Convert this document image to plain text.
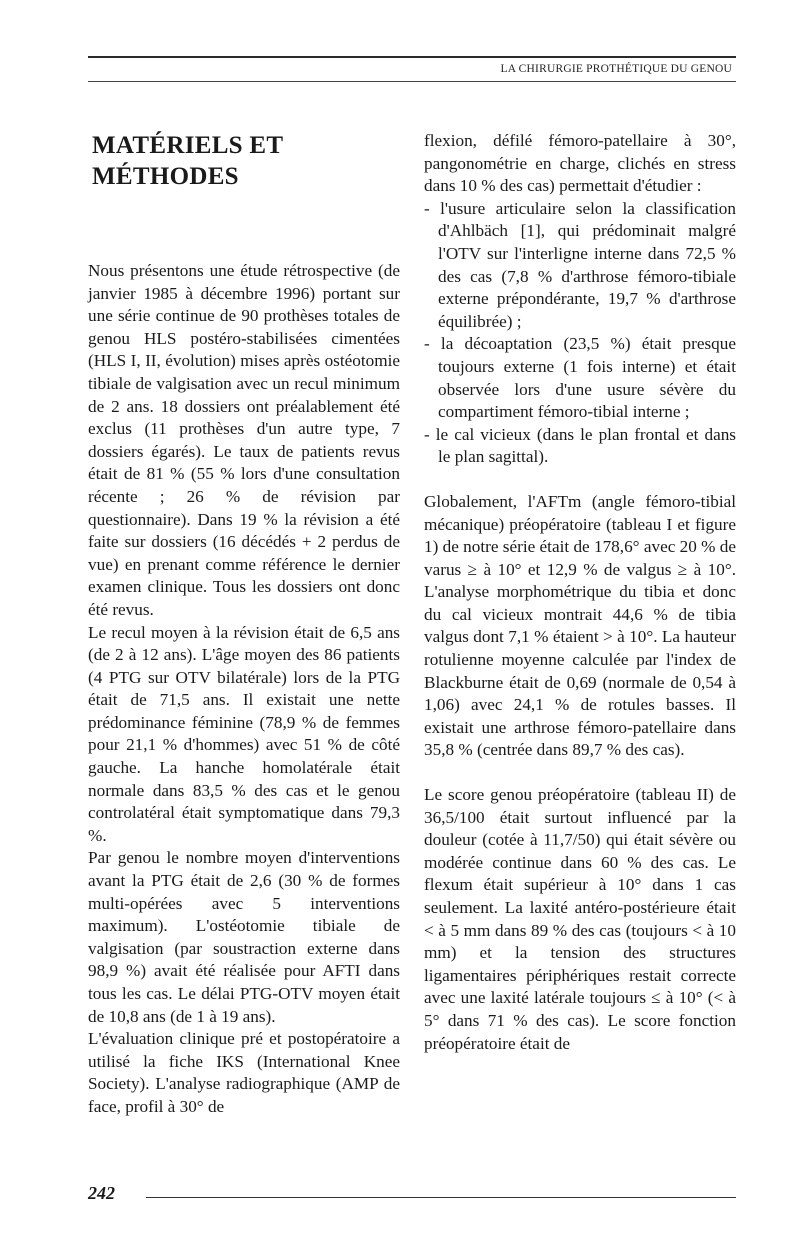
LA CHIRURGIE PROTHÉTIQUE DU GENOU
MATÉRIELS ET MÉTHODES

Nous présentons une étude rétrospective (de janvier 1985 à décembre 1996) portant sur une série continue de 90 prothèses totales de genou HLS postéro-stabilisées cimentées (HLS I, II, évolution) mises après ostéotomie tibiale de valgisation avec un recul minimum de 2 ans. 18 dossiers ont préalablement été exclus (11 prothèses d'un autre type, 7 dossiers égarés). Le taux de patients revus était de 81 % (55 % lors d'une consultation récente ; 26 % de révision par questionnaire). Dans 19 % la révision a été faite sur dossiers (16 décédés + 2 perdus de vue) en prenant comme référence le dernier examen clinique. Tous les dossiers ont donc été revus.

Le recul moyen à la révision était de 6,5 ans (de 2 à 12 ans). L'âge moyen des 86 patients (4 PTG sur OTV bilatérale) lors de la PTG était de 71,5 ans. Il existait une nette prédominance féminine (78,9 % de femmes pour 21,1 % d'hommes) avec 51 % de côté gauche. La hanche homolatérale était normale dans 83,5 % des cas et le genou controlatéral était symptomatique dans 79,3 %.

Par genou le nombre moyen d'interventions avant la PTG était de 2,6 (30 % de formes multi-opérées avec 5 interventions maximum). L'ostéotomie tibiale de valgisation (par soustraction externe dans 98,9 %) avait été réalisée pour AFTI dans tous les cas. Le délai PTG-OTV moyen était de 10,8 ans (de 1 à 19 ans).

L'évaluation clinique pré et postopératoire a utilisé la fiche IKS (International Knee Society). L'analyse radiographique (AMP de face, profil à 30° de

flexion, défilé fémoro-patellaire à 30°, pangonométrie en charge, clichés en stress dans 10 % des cas) permettait d'étudier :

- l'usure articulaire selon la classification d'Ahlbäch [1], qui prédominait malgré l'OTV sur l'interligne interne dans 72,5 % des cas (7,8 % d'arthrose fémoro-tibiale externe prépondérante, 19,7 % d'arthrose équilibrée) ;
- la décoaptation (23,5 %) était presque toujours externe (1 fois interne) et était observée lors d'une usure sévère du compartiment fémoro-tibial interne ;
- le cal vicieux (dans le plan frontal et dans le plan sagittal).

Globalement, l'AFTm (angle fémoro-tibial mécanique) préopératoire (tableau I et figure 1) de notre série était de 178,6° avec 20 % de varus ≥ à 10° et 12,9 % de valgus ≥ à 10°. L'analyse morphométrique du tibia et donc du cal vicieux montrait 44,6 % de tibia valgus dont 7,1 % étaient > à 10°. La hauteur rotulienne moyenne calculée par l'index de Blackburne était de 0,69 (normale de 0,54 à 1,06) avec 24,1 % de rotules basses. Il existait une arthrose fémoro-patellaire dans 35,8 % (centrée dans 89,7 % des cas).

Le score genou préopératoire (tableau II) de 36,5/100 était surtout influencé par la douleur (cotée à 11,7/50) qui était sévère ou modérée continue dans 60 % des cas. Le flexum était supérieur à 10° dans 1 cas seulement. La laxité antéro-postérieure était < à 5 mm dans 89 % des cas (toujours < à 10 mm) et la tension des structures ligamentaires périphériques restait correcte avec une laxité latérale toujours ≤ à 10° (< à 5° dans 71 % des cas). Le score fonction préopératoire était de

242
